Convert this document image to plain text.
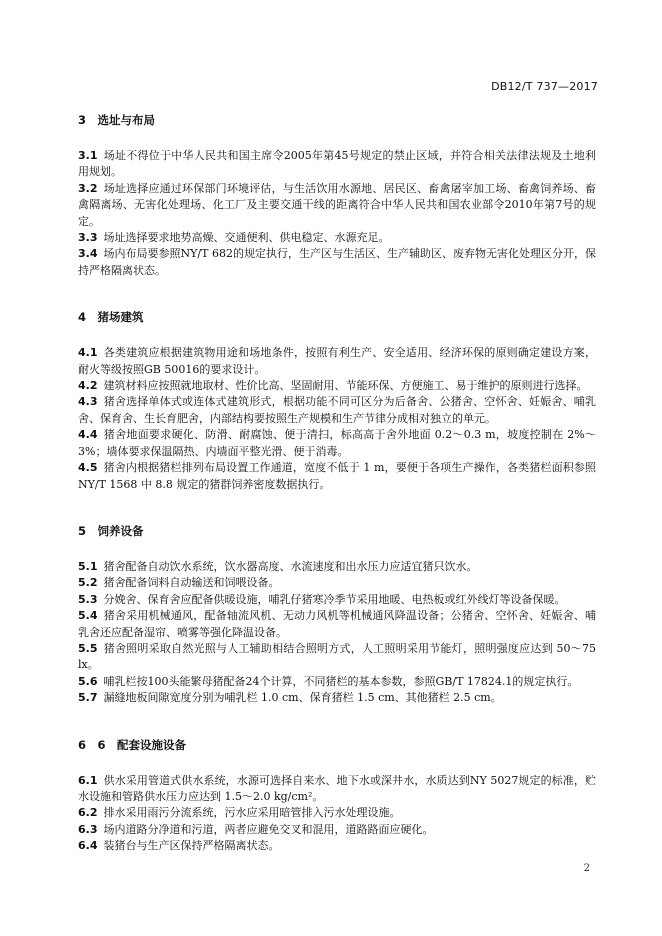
DB12/T 737—2017
3　选址与布局

3.1 场址不得位于中华人民共和国主席令2005年第45号规定的禁止区域，并符合相关法律法规及土地利用规划。

3.2 场址选择应通过环保部门环境评估，与生活饮用水源地、居民区、畜禽屠宰加工场、畜禽饲养场、畜禽隔离场、无害化处理场、化工厂及主要交通干线的距离符合中华人民共和国农业部令2010年第7号的规定。

3.3 场址选择要求地势高燥、交通便利、供电稳定、水源充足。

3.4 场内布局要参照NY/T 682的规定执行，生产区与生活区、生产辅助区、废弃物无害化处理区分开，保持严格隔离状态。

4　猪场建筑

4.1 各类建筑应根据建筑物用途和场地条件，按照有利生产、安全适用、经济环保的原则确定建设方案，耐火等级按照GB 50016的要求设计。

4.2 建筑材料应按照就地取材、性价比高、坚固耐用、节能环保、方便施工、易于维护的原则进行选择。

4.3 猪舍选择单体式或连体式建筑形式，根据功能不同可区分为后备舍、公猪舍、空怀舍、妊娠舍、哺乳舍、保育舍、生长育肥舍，内部结构要按照生产规模和生产节律分成相对独立的单元。

4.4 猪舍地面要求硬化、防滑、耐腐蚀、便于清扫，标高高于舍外地面 0.2～0.3 m，坡度控制在 2%～3%；墙体要求保温隔热、内墙面平整光滑、便于消毒。

4.5 猪舍内根据猪栏排列布局设置工作通道，宽度不低于 1 m，要便于各项生产操作，各类猪栏面积参照 NY/T 1568 中 8.8 规定的猪群饲养密度数据执行。

5　饲养设备

5.1 猪舍配备自动饮水系统，饮水器高度、水流速度和出水压力应适宜猪只饮水。

5.2 猪舍配备饲料自动输送和饲喂设备。

5.3 分娩舍、保育舍应配备供暖设施，哺乳仔猪寒冷季节采用地暖、电热板或红外线灯等设备保暖。

5.4 猪舍采用机械通风，配备轴流风机、无动力风机等机械通风降温设备；公猪舍、空怀舍、妊娠舍、哺乳舍还应配备湿帘、喷雾等强化降温设备。

5.5 猪舍照明采取自然光照与人工辅助相结合照明方式，人工照明采用节能灯，照明强度应达到 50～75 lx。

5.6 哺乳栏按100头能繁母猪配备24个计算，不同猪栏的基本参数，参照GB/T 17824.1的规定执行。

5.7 漏缝地板间隙宽度分别为哺乳栏 1.0 cm、保育猪栏 1.5 cm、其他猪栏 2.5 cm。

6　6　配套设施设备

6.1 供水采用管道式供水系统，水源可选择自来水、地下水或深井水，水质达到NY 5027规定的标准，贮水设施和管路供水压力应达到 1.5～2.0 kg/cm²。

6.2 排水采用雨污分流系统，污水应采用暗管排入污水处理设施。

6.3 场内道路分净道和污道，两者应避免交叉和混用，道路路面应硬化。

6.4 装猪台与生产区保持严格隔离状态。

2
